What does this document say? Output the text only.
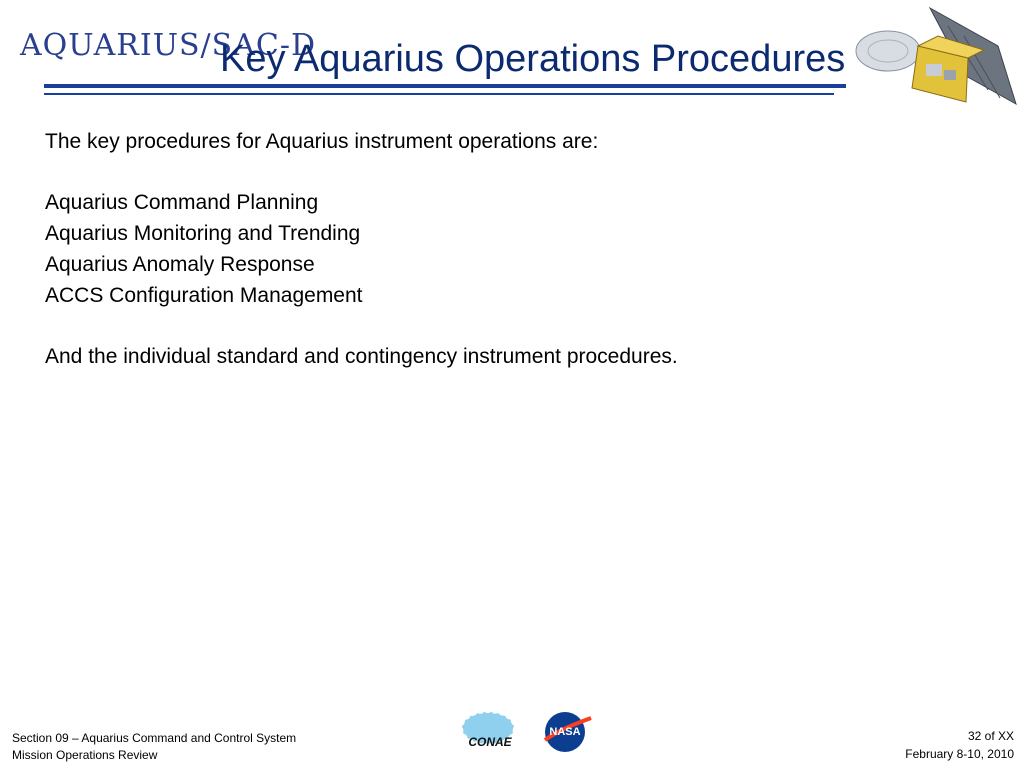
AQUARIUS/SAC-D
Key Aquarius Operations Procedures

The key procedures for Aquarius instrument operations are:

Aquarius Command Planning

Aquarius Monitoring and Trending

Aquarius Anomaly Response

ACCS Configuration Management

And the individual standard and contingency instrument procedures.

Section 09 – Aquarius Command and Control System
Mission Operations Review
CONAE
NASA	32 of XX
February 8-10, 2010
